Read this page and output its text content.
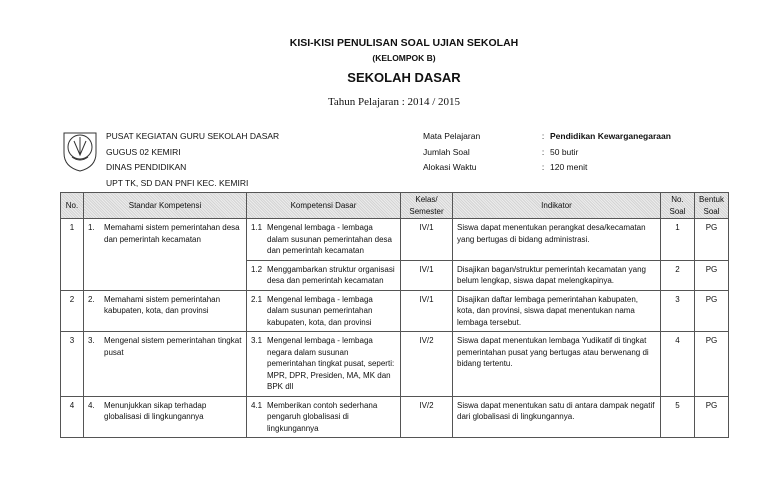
KISI-KISI PENULISAN SOAL UJIAN SEKOLAH
(KELOMPOK B)
SEKOLAH DASAR
Tahun Pelajaran : 2014 / 2015
PUSAT KEGIATAN GURU SEKOLAH DASAR
GUGUS 02 KEMIRI
DINAS PENDIDIKAN
UPT TK, SD DAN PNFI KEC. KEMIRI
Mata Pelajaran	: Pendidikan Kewarganegaraan
Jumlah Soal	: 50 butir
Alokasi Waktu	: 120 menit
No.	Standar Kompetensi	Kompetensi Dasar	Kelas/ Semester	Indikator	No. Soal	Bentuk Soal
1	1. Memahami sistem pemerintahan desa dan pemerintah kecamatan	1.1 Mengenal lembaga - lembaga dalam susunan pemerintahan desa dan pemerintah kecamatan	IV/1	Siswa dapat menentukan perangkat desa/kecamatan yang bertugas di bidang administrasi.	1	PG

		1.2 Menggambarkan struktur organisasi desa dan pemerintah kecamatan	IV/1	Disajikan bagan/struktur pemerintah kecamatan yang belum lengkap, siswa dapat melengkapinya.	2	PG
2	2. Memahami sistem pemerintahan kabupaten, kota, dan provinsi	2.1 Mengenal lembaga - lembaga dalam susunan pemerintahan kabupaten, kota, dan provinsi	IV/1	Disajikan daftar lembaga pemerintahan kabupaten, kota, dan provinsi, siswa dapat menentukan nama lembaga tersebut.	3	PG
3	3. Mengenal sistem pemerintahan tingkat pusat	3.1 Mengenal lembaga - lembaga negara dalam susunan pemerintahan tingkat pusat, seperti: MPR, DPR, Presiden, MA, MK dan BPK dll	IV/2	Siswa dapat menentukan lembaga Yudikatif di tingkat pemerintahan pusat yang bertugas atau berwenang di bidang tertentu.	4	PG
4	4. Menunjukkan sikap terhadap globalisasi di lingkungannya	4.1 Memberikan contoh sederhana pengaruh globalisasi di lingkungannya	IV/2	Siswa dapat menentukan satu di antara dampak negatif dari globalisasi di lingkungannya.	5	PG
